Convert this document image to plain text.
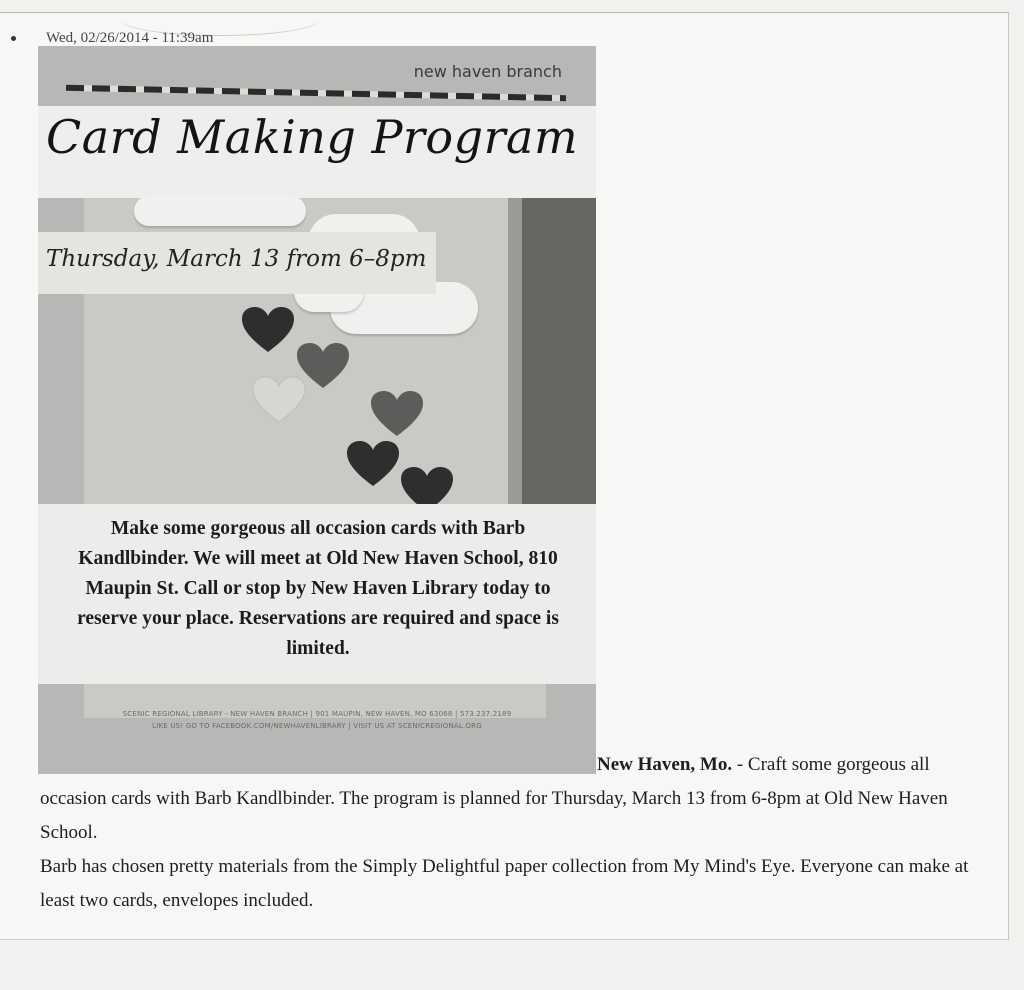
Wed, 02/26/2014 - 11:39am
new haven branch
Card Making Program
Thursday, March 13 from 6–8pm
Make some gorgeous all occasion cards with Barb Kandlbinder. We will meet at Old New Haven School, 810 Maupin St. Call or stop by New Haven Library today to reserve your place. Reservations are required and space is limited.
SCENIC REGIONAL LIBRARY - NEW HAVEN BRANCH | 901 MAUPIN, NEW HAVEN, MO 63068 | 573.237.2189
LIKE US! GO TO FACEBOOK.COM/NEWHAVENLIBRARY | VISIT US AT SCENICREGIONAL.ORG

New Haven, Mo. - Craft some gorgeous all occasion cards with Barb Kandlbinder. The program is planned for Thursday, March 13 from 6-8pm at Old New Haven School.

Barb has chosen pretty materials from the Simply Delightful paper collection from My Mind's Eye. Everyone can make at least two cards, envelopes included.
